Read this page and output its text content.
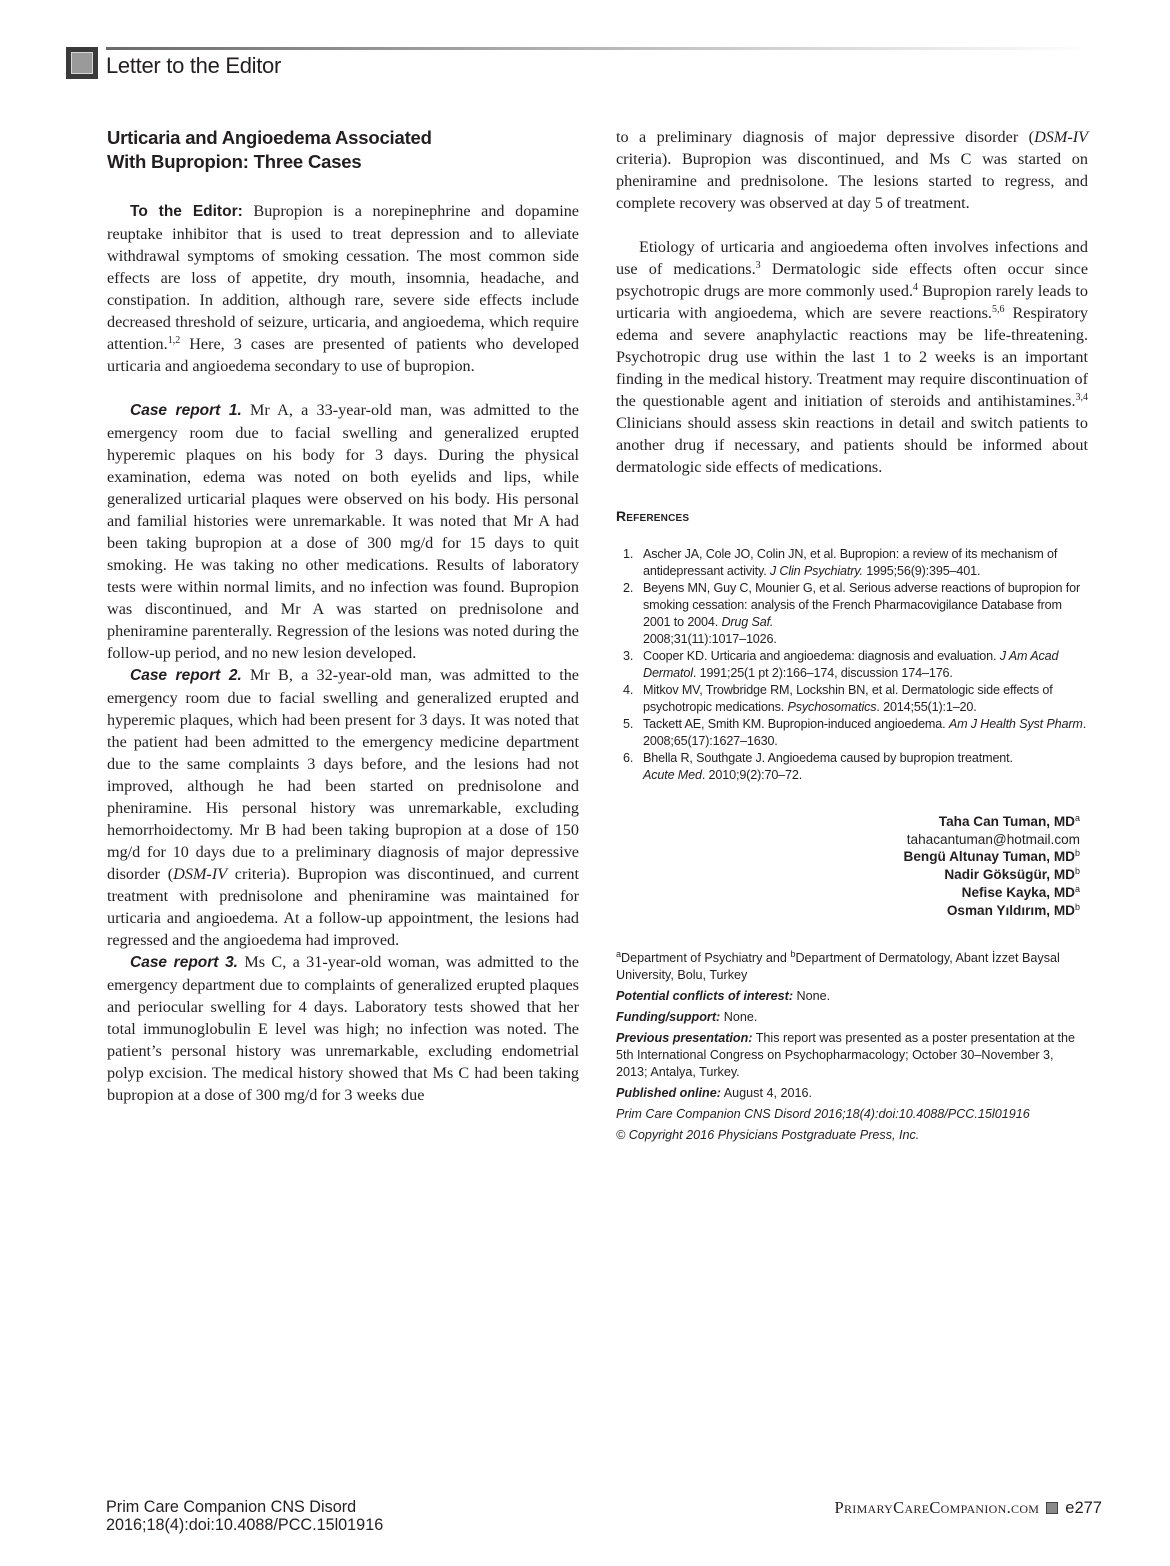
Letter to the Editor
Urticaria and Angioedema Associated
With Bupropion: Three Cases

To the Editor: Bupropion is a norepinephrine and dopamine reuptake inhibitor that is used to treat depression and to alleviate withdrawal symptoms of smoking cessation. The most common side effects are loss of appetite, dry mouth, insomnia, headache, and constipation. In addition, although rare, severe side effects include decreased threshold of seizure, urticaria, and angioedema, which require attention.$^{1,2}$ Here, 3 cases are presented of patients who developed urticaria and angioedema secondary to use of bupropion.

Case report 1. Mr A, a 33-year-old man, was admitted to the emergency room due to facial swelling and generalized erupted hyperemic plaques on his body for 3 days. During the physical examination, edema was noted on both eyelids and lips, while generalized urticarial plaques were observed on his body. His personal and familial histories were unremarkable. It was noted that Mr A had been taking bupropion at a dose of 300 mg/d for 15 days to quit smoking. He was taking no other medications. Results of laboratory tests were within normal limits, and no infection was found. Bupropion was discontinued, and Mr A was started on prednisolone and pheniramine parenterally. Regression of the lesions was noted during the follow-up period, and no new lesion developed.

Case report 2. Mr B, a 32-year-old man, was admitted to the emergency room due to facial swelling and generalized erupted and hyperemic plaques, which had been present for 3 days. It was noted that the patient had been admitted to the emergency medicine department due to the same complaints 3 days before, and the lesions had not improved, although he had been started on prednisolone and pheniramine. His personal history was unremarkable, excluding hemorrhoidectomy. Mr B had been taking bupropion at a dose of 150 mg/d for 10 days due to a preliminary diagnosis of major depressive disorder (DSM-IV criteria). Bupropion was discontinued, and current treatment with prednisolone and pheniramine was maintained for urticaria and angioedema. At a follow-up appointment, the lesions had regressed and the angioedema had improved.

Case report 3. Ms C, a 31-year-old woman, was admitted to the emergency department due to complaints of generalized erupted plaques and periocular swelling for 4 days. Laboratory tests showed that her total immunoglobulin E level was high; no infection was noted. The patient’s personal history was unremarkable, excluding endometrial polyp excision. The medical history showed that Ms C had been taking bupropion at a dose of 300 mg/d for 3 weeks due

to a preliminary diagnosis of major depressive disorder (DSM-IV criteria). Bupropion was discontinued, and Ms C was started on pheniramine and prednisolone. The lesions started to regress, and complete recovery was observed at day 5 of treatment.

Etiology of urticaria and angioedema often involves infections and use of medications.$^3$ Dermatologic side effects often occur since psychotropic drugs are more commonly used.$^4$ Bupropion rarely leads to urticaria with angioedema, which are severe reactions.$^{5,6}$ Respiratory edema and severe anaphylactic reactions may be life-threatening. Psychotropic drug use within the last 1 to 2 weeks is an important finding in the medical history. Treatment may require discontinuation of the questionable agent and initiation of steroids and antihistamines.$^{3,4}$ Clinicians should assess skin reactions in detail and switch patients to another drug if necessary, and patients should be informed about dermatologic side effects of medications.

References
1. Ascher JA, Cole JO, Colin JN, et al. Bupropion: a review of its mechanism of antidepressant activity. J Clin Psychiatry. 1995;56(9):395–401.
2. Beyens MN, Guy C, Mounier G, et al. Serious adverse reactions of bupropion for smoking cessation: analysis of the French Pharmacovigilance Database from 2001 to 2004. Drug Saf.
2008;31(11):1017–1026.
3. Cooper KD. Urticaria and angioedema: diagnosis and evaluation. J Am Acad Dermatol. 1991;25(1 pt 2):166–174, discussion 174–176.
4. Mitkov MV, Trowbridge RM, Lockshin BN, et al. Dermatologic side effects of psychotropic medications. Psychosomatics. 2014;55(1):1–20.
5. Tackett AE, Smith KM. Bupropion-induced angioedema. Am J Health Syst Pharm. 2008;65(17):1627–1630.
6. Bhella R, Southgate J. Angioedema caused by bupropion treatment.
Acute Med. 2010;9(2):70–72.
Taha Can Tuman, $MD^a$
tahacantuman@hotmail.com
Bengü Altunay Tuman, $MD^b$
Nadir Göksügür, $MD^b$
Nefise Kayka, $MD^a$
Osman Yıldırım, $MD^b$

$^a$Department of Psychiatry and $^b$Department of Dermatology, Abant İzzet Baysal University, Bolu, Turkey

Potential conflicts of interest: None.

Funding/support: None.

Previous presentation: This report was presented as a poster presentation at the 5th International Congress on Psychopharmacology; October 30–November 3, 2013; Antalya, Turkey.

Published online: August 4, 2016.

Prim Care Companion CNS Disord 2016;18(4):doi:10.4088/PCC.15l01916

© Copyright 2016 Physicians Postgraduate Press, Inc.

Prim Care Companion CNS Disord
2016;18(4):doi:10.4088/PCC.15l01916
PrimaryCareCompanion.com e277
